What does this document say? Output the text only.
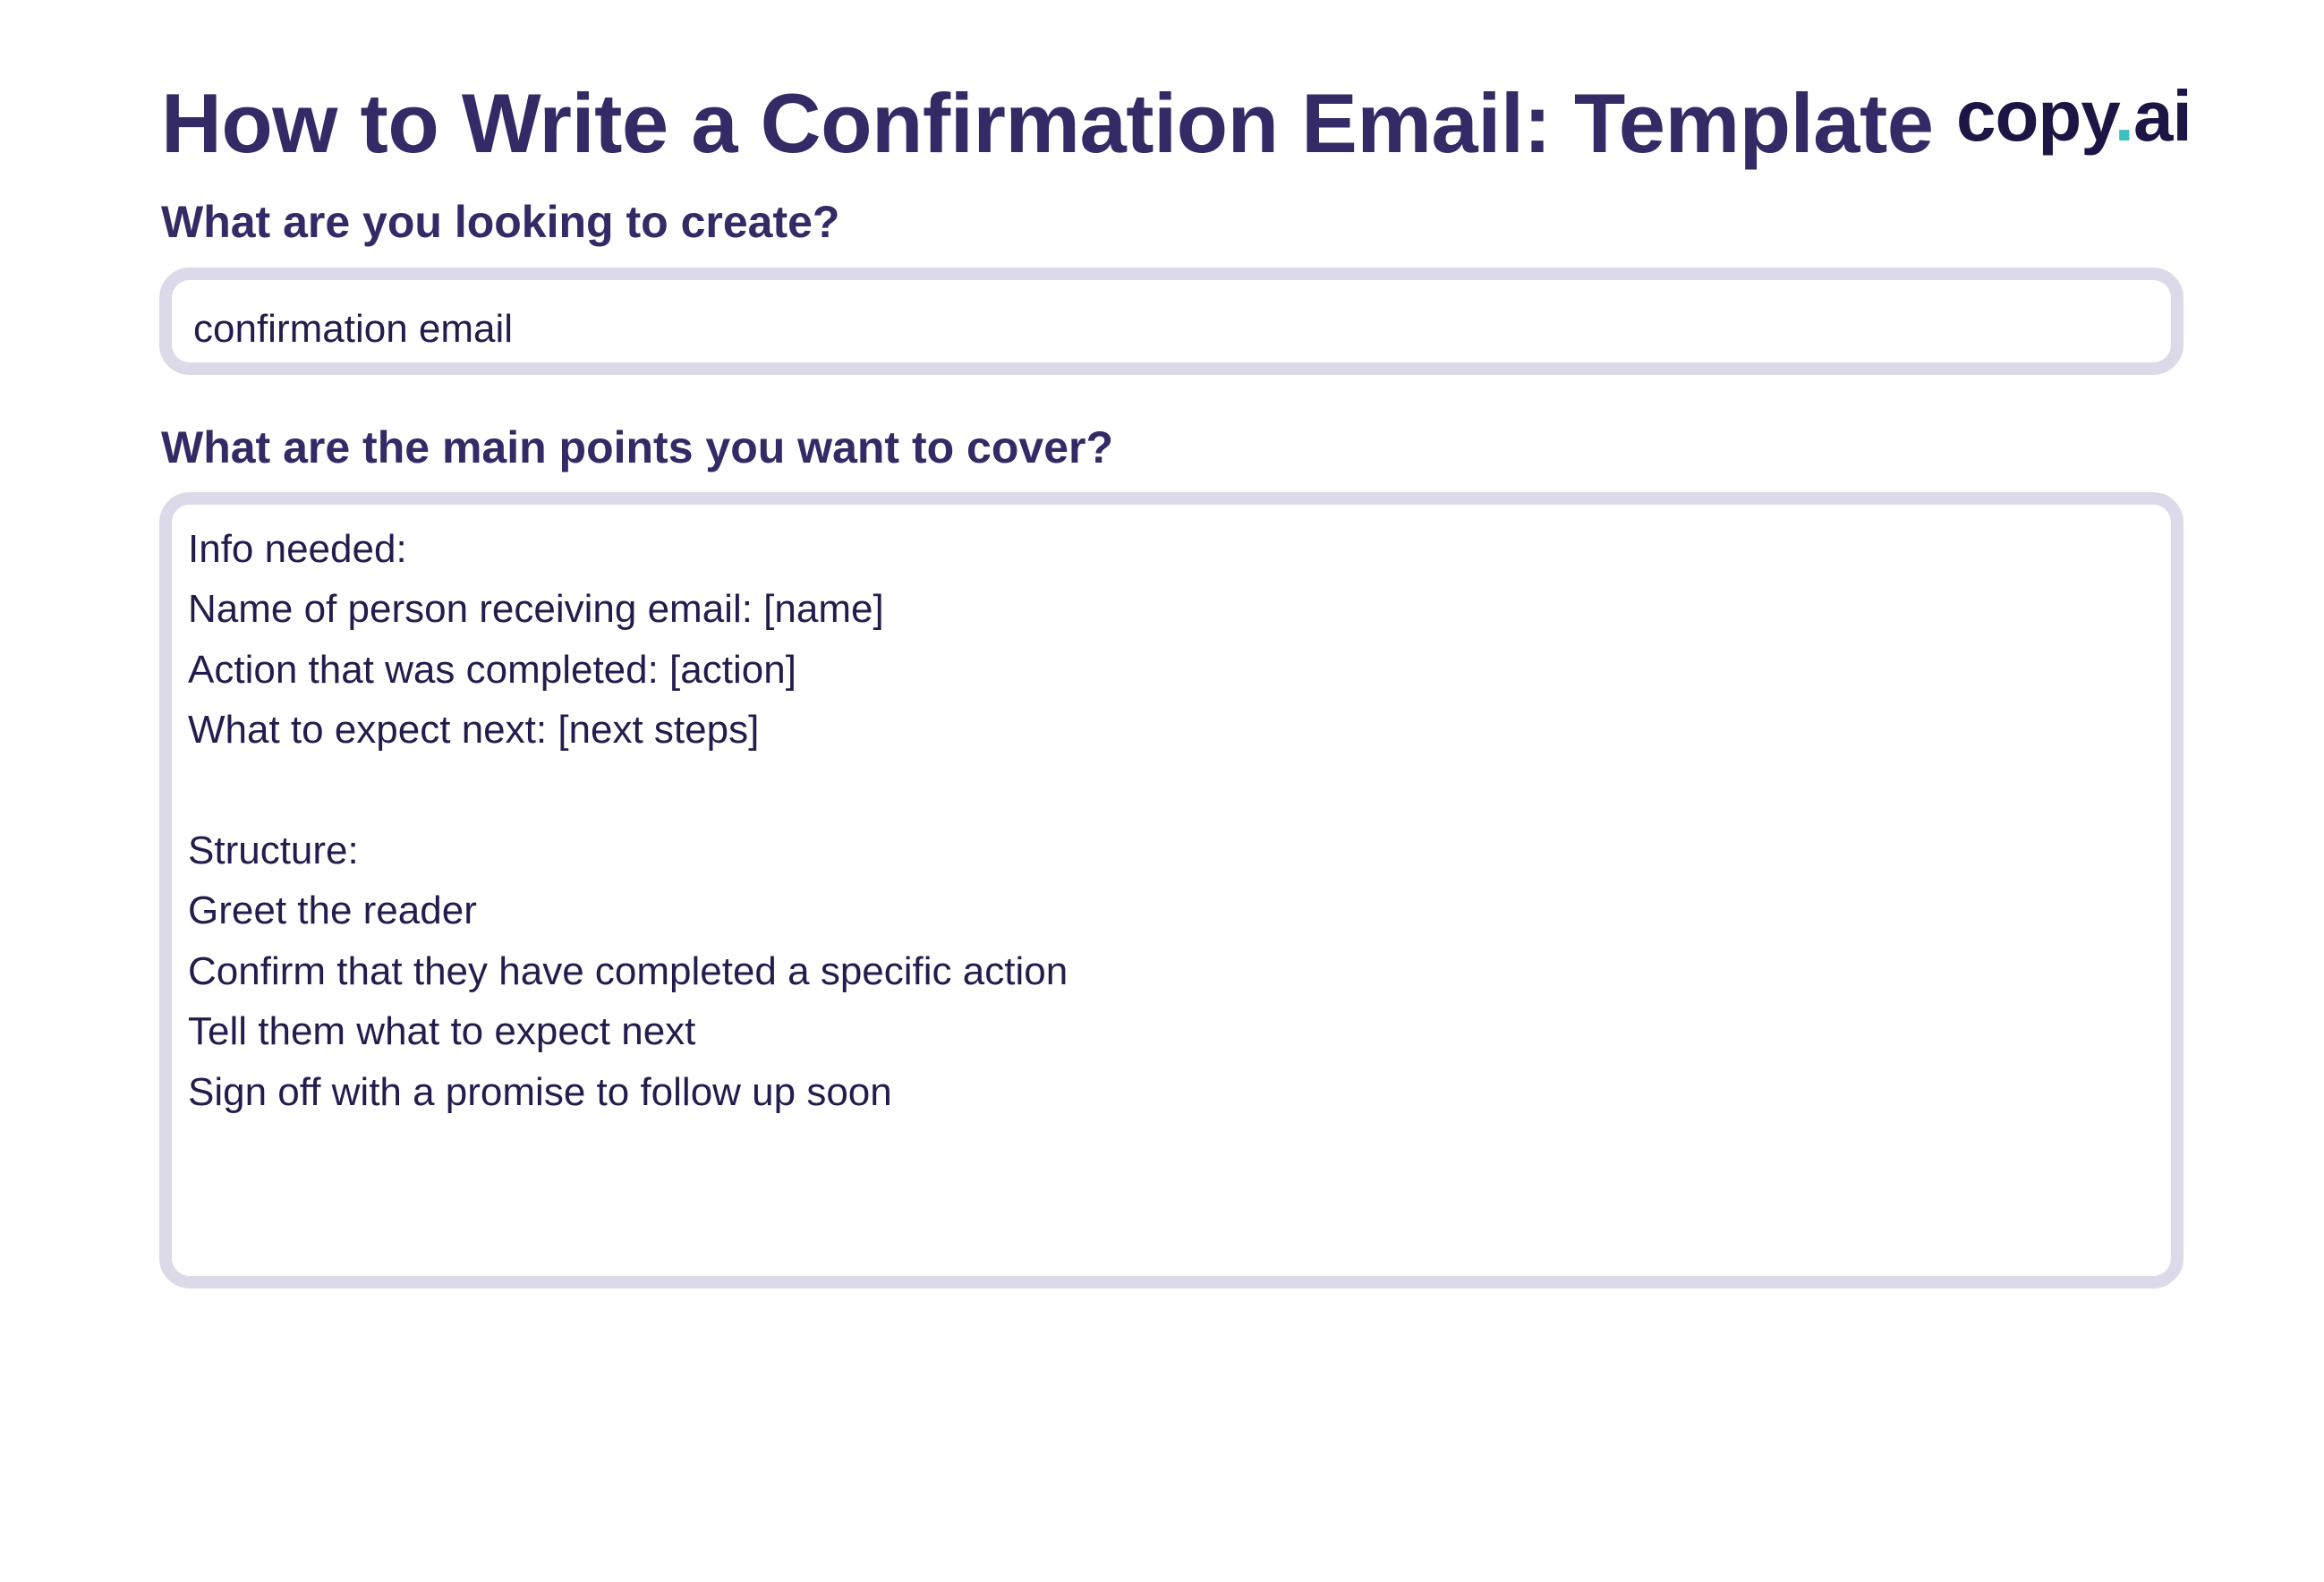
How to Write a Confirmation Email: Template copy.ai
What are you looking to create?
confirmation email
What are the main points you want to cover?
Info needed:
Name of person receiving email: [name]
Action that was completed: [action]
What to expect next: [next steps]
Structure:
Greet the reader
Confirm that they have completed a specific action
Tell them what to expect next
Sign off with a promise to follow up soon
